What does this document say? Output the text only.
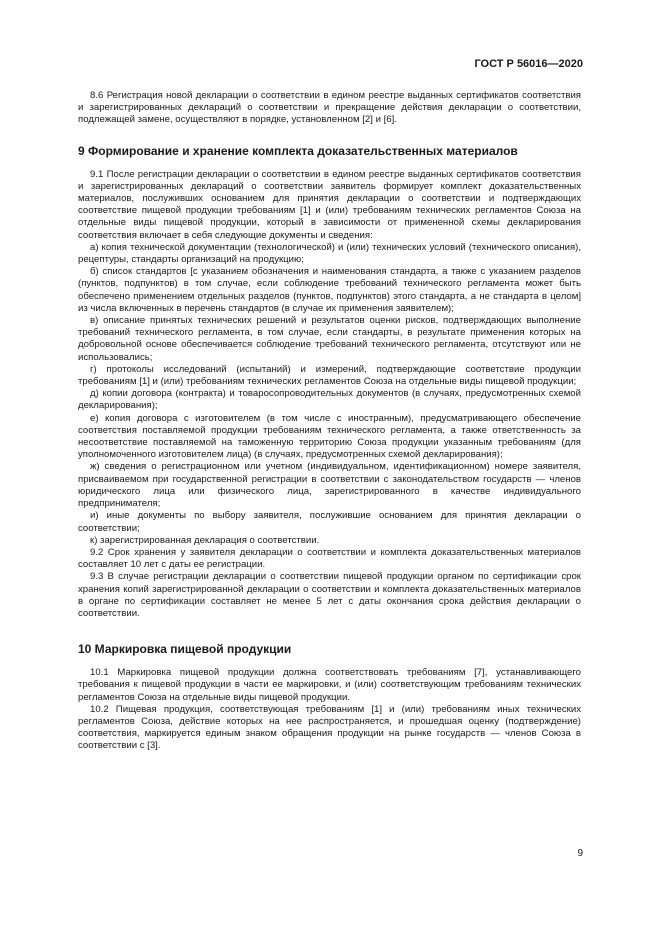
ГОСТ Р 56016—2020

8.6 Регистрация новой декларации о соответствии в едином реестре выданных сертификатов соответствия и зарегистрированных деклараций о соответствии и прекращение действия декларации о соответствии, подлежащей замене, осуществляют в порядке, установленном [2] и [6].

9 Формирование и хранение комплекта доказательственных материалов

9.1 После регистрации декларации о соответствии в едином реестре выданных сертификатов соответствия и зарегистрированных деклараций о соответствии заявитель формирует комплект доказательственных материалов, послуживших основанием для принятия декларации о соответствии и подтверждающих соответствие пищевой продукции требованиям [1] и (или) требованиям технических регламентов Союза на отдельные виды пищевой продукции, который в зависимости от примененной схемы декларирования соответствия включает в себя следующие документы и сведения:

а) копия технической документации (технологической) и (или) технических условий (технического описания), рецептуры, стандарты организаций на продукцию;

б) список стандартов [с указанием обозначения и наименования стандарта, а также с указанием разделов (пунктов, подпунктов) в том случае, если соблюдение требований технического регламента может быть обеспечено применением отдельных разделов (пунктов, подпунктов) этого стандарта, а не стандарта в целом] из числа включенных в перечень стандартов (в случае их применения заявителем);

в) описание принятых технических решений и результатов оценки рисков, подтверждающих выполнение требований технического регламента, в том случае, если стандарты, в результате применения которых на добровольной основе обеспечивается соблюдение требований технического регламента, отсутствуют или не использовались;

г) протоколы исследований (испытаний) и измерений, подтверждающие соответствие продукции требованиям [1] и (или) требованиям технических регламентов Союза на отдельные виды пищевой продукции;

д) копии договора (контракта) и товаросопроводительных документов (в случаях, предусмотренных схемой декларирования);

е) копия договора с изготовителем (в том числе с иностранным), предусматривающего обеспечение соответствия поставляемой продукции требованиям технического регламента, а также ответственность за несоответствие поставляемой на таможенную территорию Союза продукции указанным требованиям (для уполномоченного изготовителем лица) (в случаях, предусмотренных схемой декларирования);

ж) сведения о регистрационном или учетном (индивидуальном, идентификационном) номере заявителя, присваиваемом при государственной регистрации в соответствии с законодательством государств — членов юридического лица или физического лица, зарегистрированного в качестве индивидуального предпринимателя;

и) иные документы по выбору заявителя, послужившие основанием для принятия декларации о соответствии;

к) зарегистрированная декларация о соответствии.

9.2 Срок хранения у заявителя декларации о соответствии и комплекта доказательственных материалов составляет 10 лет с даты ее регистрации.

9.3 В случае регистрации декларации о соответствии пищевой продукции органом по сертификации срок хранения копий зарегистрированной декларации о соответствии и комплекта доказательственных материалов в органе по сертификации составляет не менее 5 лет с даты окончания срока действия декларации о соответствии.

10 Маркировка пищевой продукции

10.1 Маркировка пищевой продукции должна соответствовать требованиям [7], устанавливающего требования к пищевой продукции в части ее маркировки, и (или) соответствующим требованиям технических регламентов Союза на отдельные виды пищевой продукции.

10.2 Пищевая продукция, соответствующая требованиям [1] и (или) требованиям иных технических регламентов Союза, действие которых на нее распространяется, и прошедшая оценку (подтверждение) соответствия, маркируется единым знаком обращения продукции на рынке государств — членов Союза в соответствии с [3].

9
